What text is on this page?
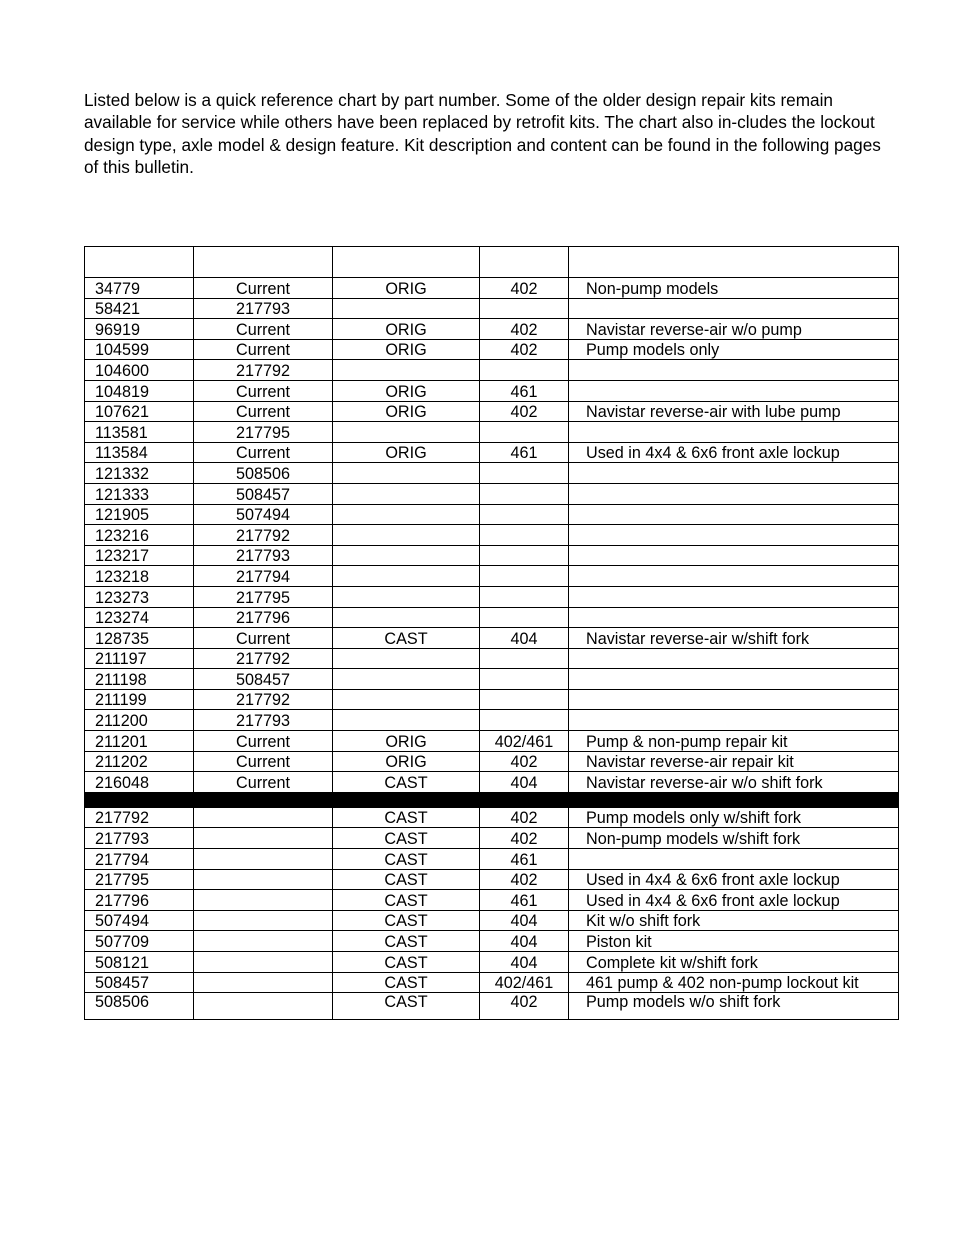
Listed below is a quick reference chart by part number. Some of the older design repair kits remain available for service while others have been replaced by retrofit kits. The chart also in-cludes the lockout design type, axle model & design feature. Kit description and content can be found in the following pages of this bulletin.

34779	Current	ORIG	402	Non-pump models
58421	217793			
96919	Current	ORIG	402	Navistar reverse-air w/o pump
104599	Current	ORIG	402	Pump models only
104600	217792			
104819	Current	ORIG	461	
107621	Current	ORIG	402	Navistar reverse-air with lube pump
113581	217795			
113584	Current	ORIG	461	Used in 4x4 & 6x6 front axle lockup
121332	508506			
121333	508457			
121905	507494			
123216	217792			
123217	217793			
123218	217794			
123273	217795			
123274	217796			
128735	Current	CAST	404	Navistar reverse-air w/shift fork
211197	217792			
211198	508457			
211199	217792			
211200	217793			
211201	Current	ORIG	402/461	Pump & non-pump repair kit
211202	Current	ORIG	402	Navistar reverse-air repair kit
216048	Current	CAST	404	Navistar reverse-air w/o shift fork

217792		CAST	402	Pump models only w/shift fork
217793		CAST	402	Non-pump models w/shift fork
217794		CAST	461	
217795		CAST	402	Used in 4x4 & 6x6 front axle lockup
217796		CAST	461	Used in 4x4 & 6x6 front axle lockup
507494		CAST	404	Kit w/o shift fork
507709		CAST	404	Piston kit
508121		CAST	404	Complete kit w/shift fork
508457		CAST	402/461	461 pump & 402 non-pump lockout kit
508506		CAST	402	Pump models w/o shift fork
